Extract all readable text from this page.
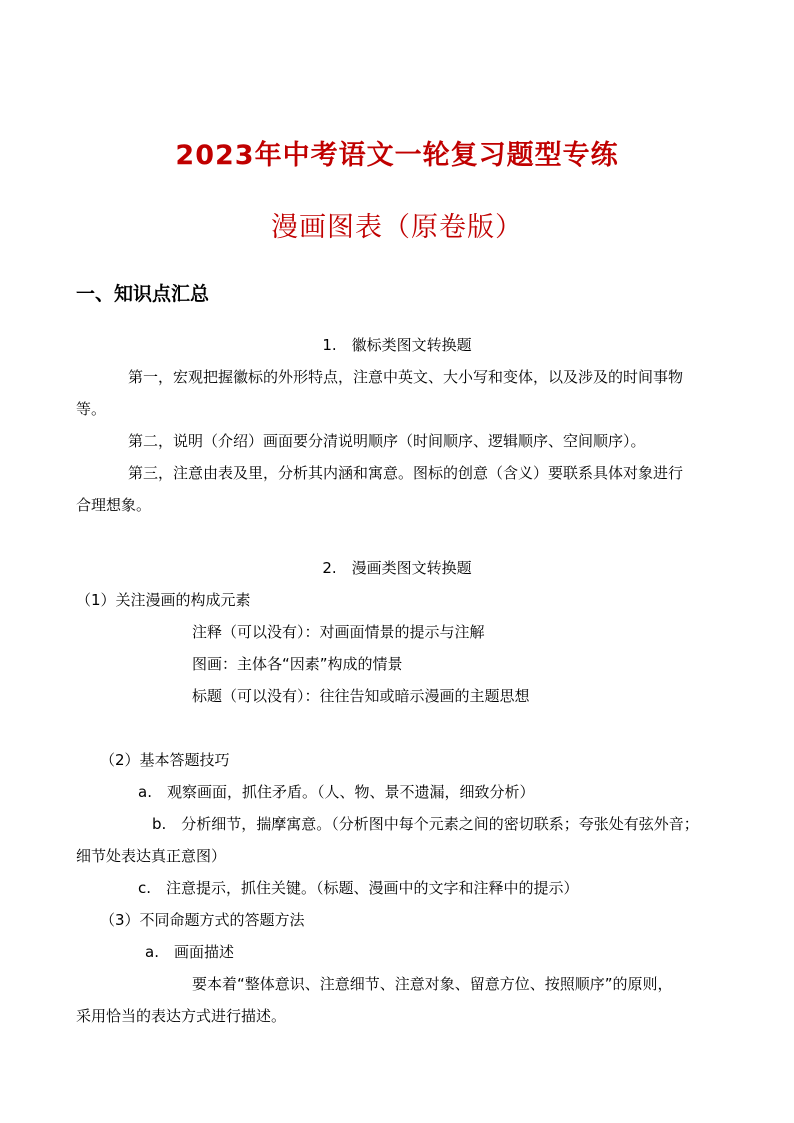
2023年中考语文一轮复习题型专练
漫画图表（原卷版）
一、知识点汇总
1.　徽标类图文转换题
第一，宏观把握徽标的外形特点，注意中英文、大小写和变体，以及涉及的时间事物
等。
第二，说明（介绍）画面要分清说明顺序（时间顺序、逻辑顺序、空间顺序）。
第三，注意由表及里，分析其内涵和寓意。图标的创意（含义）要联系具体对象进行
合理想象。
2.　漫画类图文转换题
（1）关注漫画的构成元素
注释（可以没有）：对画面情景的提示与注解
图画：主体各“因素”构成的情景
标题（可以没有）：往往告知或暗示漫画的主题思想
（2）基本答题技巧
a.　观察画面，抓住矛盾。（人、物、景不遗漏，细致分析）
b.　分析细节，揣摩寓意。（分析图中每个元素之间的密切联系；夸张处有弦外音；
细节处表达真正意图）
c.　注意提示，抓住关键。（标题、漫画中的文字和注释中的提示）
（3）不同命题方式的答题方法
a.　画面描述
要本着“整体意识、注意细节、注意对象、留意方位、按照顺序”的原则，
采用恰当的表达方式进行描述。
